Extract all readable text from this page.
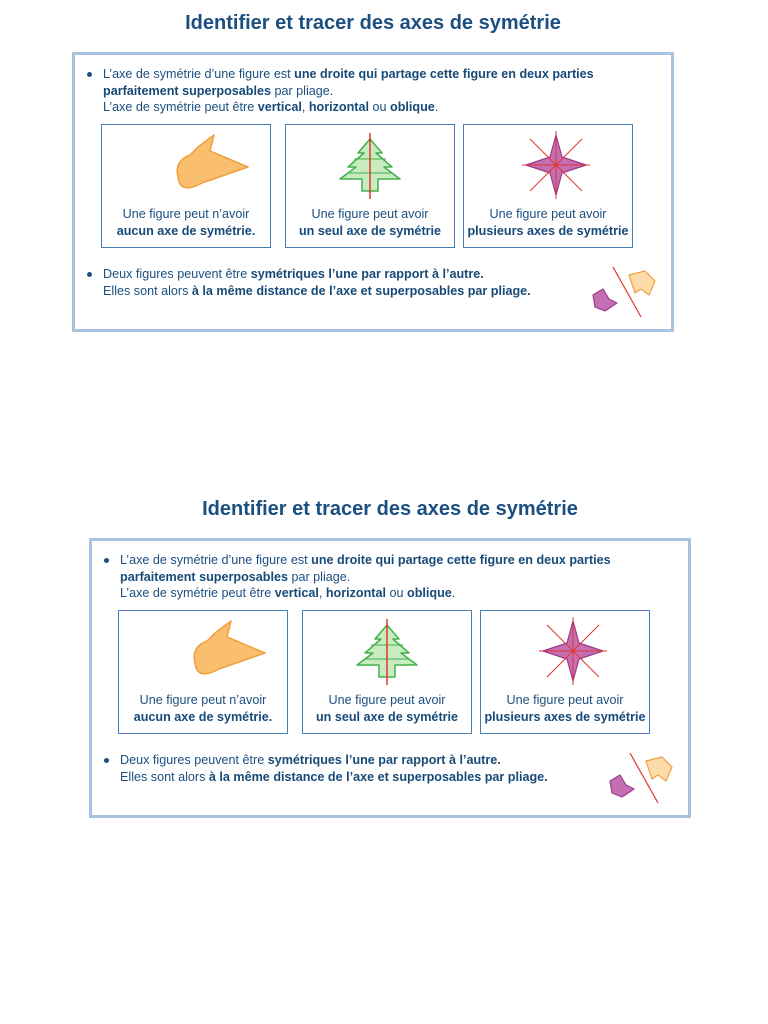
Identifier et tracer des axes de symétrie
L’axe de symétrie d’une figure est une droite qui partage cette figure en deux parties
parfaitement superposables par pliage.
L’axe de symétrie peut être vertical, horizontal ou oblique.
Une figure peut n’avoir
aucun axe de symétrie.
Une figure peut avoir
un seul axe de symétrie
Une figure peut avoir
plusieurs axes de symétrie
Deux figures peuvent être symétriques l’une par rapport à l’autre.
Elles sont alors à la même distance de l’axe et superposables par pliage.
Identifier et tracer des axes de symétrie
L’axe de symétrie d’une figure est une droite qui partage cette figure en deux parties
parfaitement superposables par pliage.
L’axe de symétrie peut être vertical, horizontal ou oblique.
Une figure peut n’avoir
aucun axe de symétrie.
Une figure peut avoir
un seul axe de symétrie
Une figure peut avoir
plusieurs axes de symétrie
Deux figures peuvent être symétriques l’une par rapport à l’autre.
Elles sont alors à la même distance de l’axe et superposables par pliage.
